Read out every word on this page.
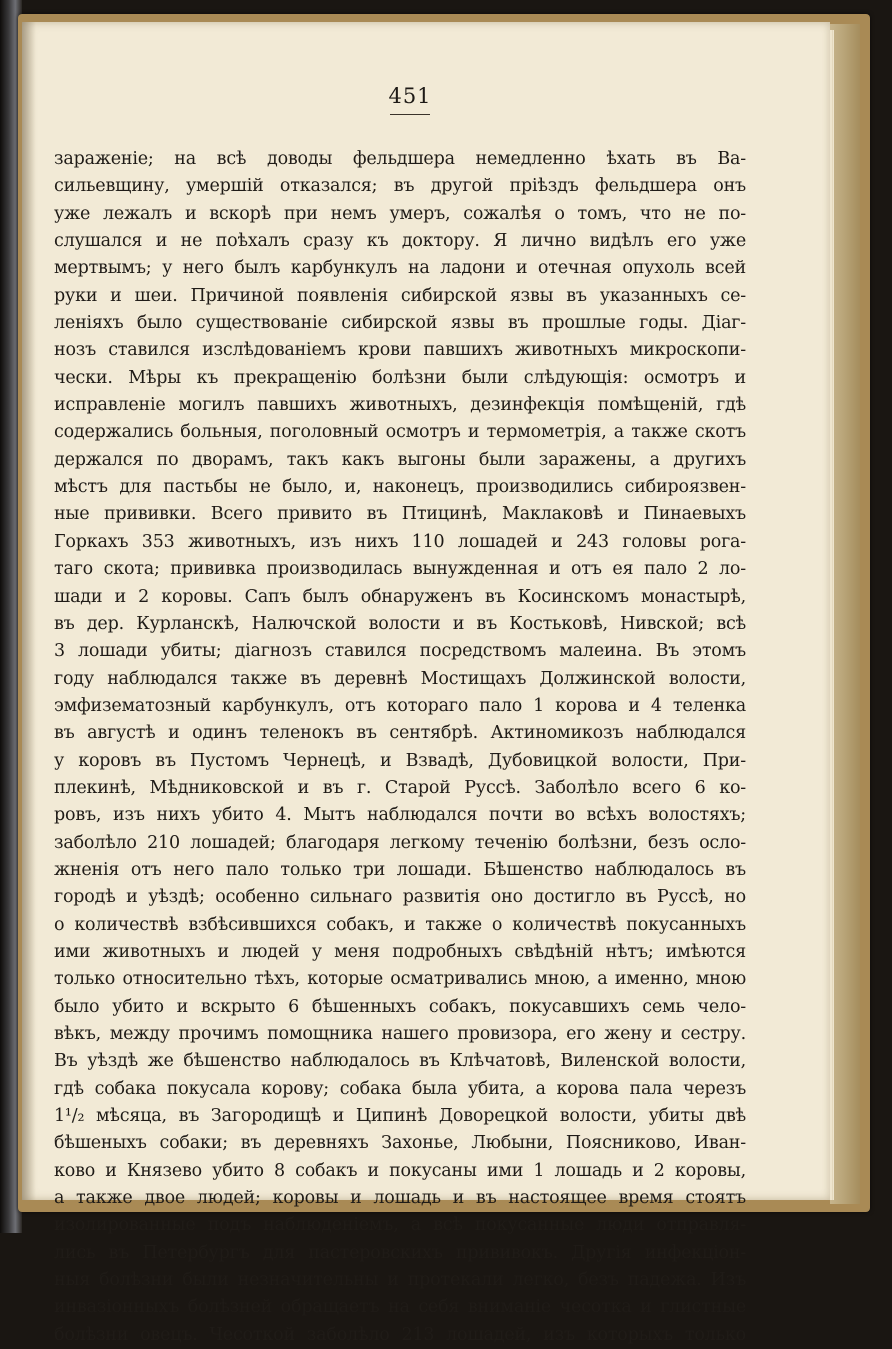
451
зараженіе; на всѣ доводы фельдшера немедленно ѣхать въ Ва-
сильевщину, умершій отказался; въ другой пріѣздъ фельдшера онъ
уже лежалъ и вскорѣ при немъ умеръ, сожалѣя о томъ, что не по-
слушался и не поѣхалъ сразу къ доктору. Я лично видѣлъ его уже
мертвымъ; у него былъ карбункулъ на ладони и отечная опухоль всей
руки и шеи. Причиной появленія сибирской язвы въ указанныхъ се-
леніяхъ было существованіе сибирской язвы въ прошлые годы. Діаг-
нозъ ставился изслѣдованіемъ крови павшихъ животныхъ микроскопи-
чески. Мѣры къ прекращенію болѣзни были слѣдующія: осмотръ и
исправленіе могилъ павшихъ животныхъ, дезинфекція помѣщеній, гдѣ
содержались больныя, поголовный осмотръ и термометрія, а также скотъ
держался по дворамъ, такъ какъ выгоны были заражены, а другихъ
мѣстъ для пастьбы не было, и, наконецъ, производились сибироязвен-
ные прививки. Всего привито въ Птицинѣ, Маклаковѣ и Пинаевыхъ
Горкахъ 353 животныхъ, изъ нихъ 110 лошадей и 243 головы рога-
таго скота; прививка производилась вынужденная и отъ ея пало 2 ло-
шади и 2 коровы. Сапъ былъ обнаруженъ въ Косинскомъ монастырѣ,
въ дер. Курланскѣ, Налючской волости и въ Костьковѣ, Нивской; всѣ
3 лошади убиты; діагнозъ ставился посредствомъ малеина. Въ этомъ
году наблюдался также въ деревнѣ Мостищахъ Должинской волости,
эмфизематозный карбункулъ, отъ котораго пало 1 корова и 4 теленка
въ августѣ и одинъ теленокъ въ сентябрѣ. Актиномикозъ наблюдался
у коровъ въ Пустомъ Чернецѣ, и Взвадѣ, Дубовицкой волости, При-
плекинѣ, Мѣдниковской и въ г. Старой Руссѣ. Заболѣло всего 6 ко-
ровъ, изъ нихъ убито 4. Мытъ наблюдался почти во всѣхъ волостяхъ;
заболѣло 210 лошадей; благодаря легкому теченію болѣзни, безъ осло-
жненія отъ него пало только три лошади. Бѣшенство наблюдалось въ
городѣ и уѣздѣ; особенно сильнаго развитія оно достигло въ Руссѣ, но
о количествѣ взбѣсившихся собакъ, и также о количествѣ покусанныхъ
ими животныхъ и людей у меня подробныхъ свѣдѣній нѣтъ; имѣются
только относительно тѣхъ, которые осматривались мною, а именно, мною
было убито и вскрыто 6 бѣшенныхъ собакъ, покусавшихъ семь чело-
вѣкъ, между прочимъ помощника нашего провизора, его жену и сестру.
Въ уѣздѣ же бѣшенство наблюдалось въ Клѣчатовѣ, Виленской волости,
гдѣ собака покусала корову; собака была убита, а корова пала черезъ
1¹/₂ мѣсяца, въ Загородищѣ и Ципинѣ Доворецкой волости, убиты двѣ
бѣшеныхъ собаки; въ деревняхъ Захонье, Любыни, Поясниково, Иван-
ково и Князево убито 8 собакъ и покусаны ими 1 лошадь и 2 коровы,
а также двое людей; коровы и лошадь и въ настоящее время стоятъ
изолированные подъ наблюденіемъ, а всѣ покусанные люди отправля-
лись въ Петербургъ для пастеровскихъ прививокъ. Другія инфекціон-
ныя болѣзни были незначительны и протекали легко, безъ падежа. Изъ
инвазіонныхъ болѣзней обращаетъ на себя вниманіе чесотка и глистные
болѣзни овецъ. Чесоткой заболѣло 213 лошадей, изъ которыхъ только
